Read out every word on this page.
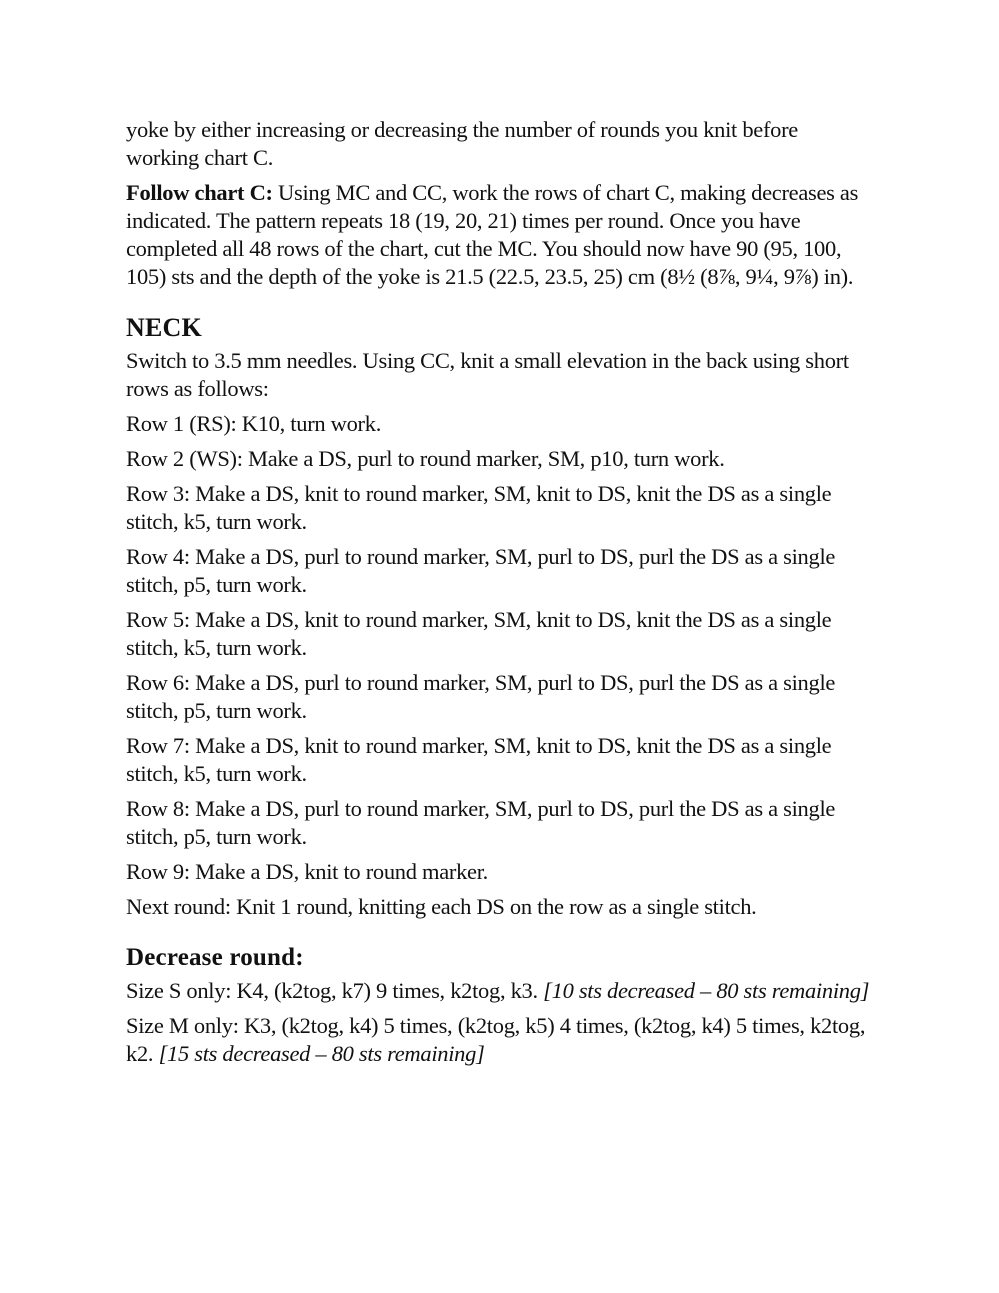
yoke by either increasing or decreasing the number of rounds you knit before working chart C.

Follow chart C: Using MC and CC, work the rows of chart C, making decreases as indicated. The pattern repeats 18 (19, 20, 21) times per round. Once you have completed all 48 rows of the chart, cut the MC. You should now have 90 (95, 100, 105) sts and the depth of the yoke is 21.5 (22.5, 23.5, 25) cm (8½ (8⅞, 9¼, 9⅞) in).

NECK

Switch to 3.5 mm needles. Using CC, knit a small elevation in the back using short rows as follows:

Row 1 (RS): K10, turn work.

Row 2 (WS): Make a DS, purl to round marker, SM, p10, turn work.

Row 3: Make a DS, knit to round marker, SM, knit to DS, knit the DS as a single stitch, k5, turn work.

Row 4: Make a DS, purl to round marker, SM, purl to DS, purl the DS as a single stitch, p5, turn work.

Row 5: Make a DS, knit to round marker, SM, knit to DS, knit the DS as a single stitch, k5, turn work.

Row 6: Make a DS, purl to round marker, SM, purl to DS, purl the DS as a single stitch, p5, turn work.

Row 7: Make a DS, knit to round marker, SM, knit to DS, knit the DS as a single stitch, k5, turn work.

Row 8: Make a DS, purl to round marker, SM, purl to DS, purl the DS as a single stitch, p5, turn work.

Row 9: Make a DS, knit to round marker.

Next round: Knit 1 round, knitting each DS on the row as a single stitch.

Decrease round:

Size S only: K4, (k2tog, k7) 9 times, k2tog, k3. [10 sts decreased – 80 sts remaining]

Size M only: K3, (k2tog, k4) 5 times, (k2tog, k5) 4 times, (k2tog, k4) 5 times, k2tog, k2. [15 sts decreased – 80 sts remaining]
